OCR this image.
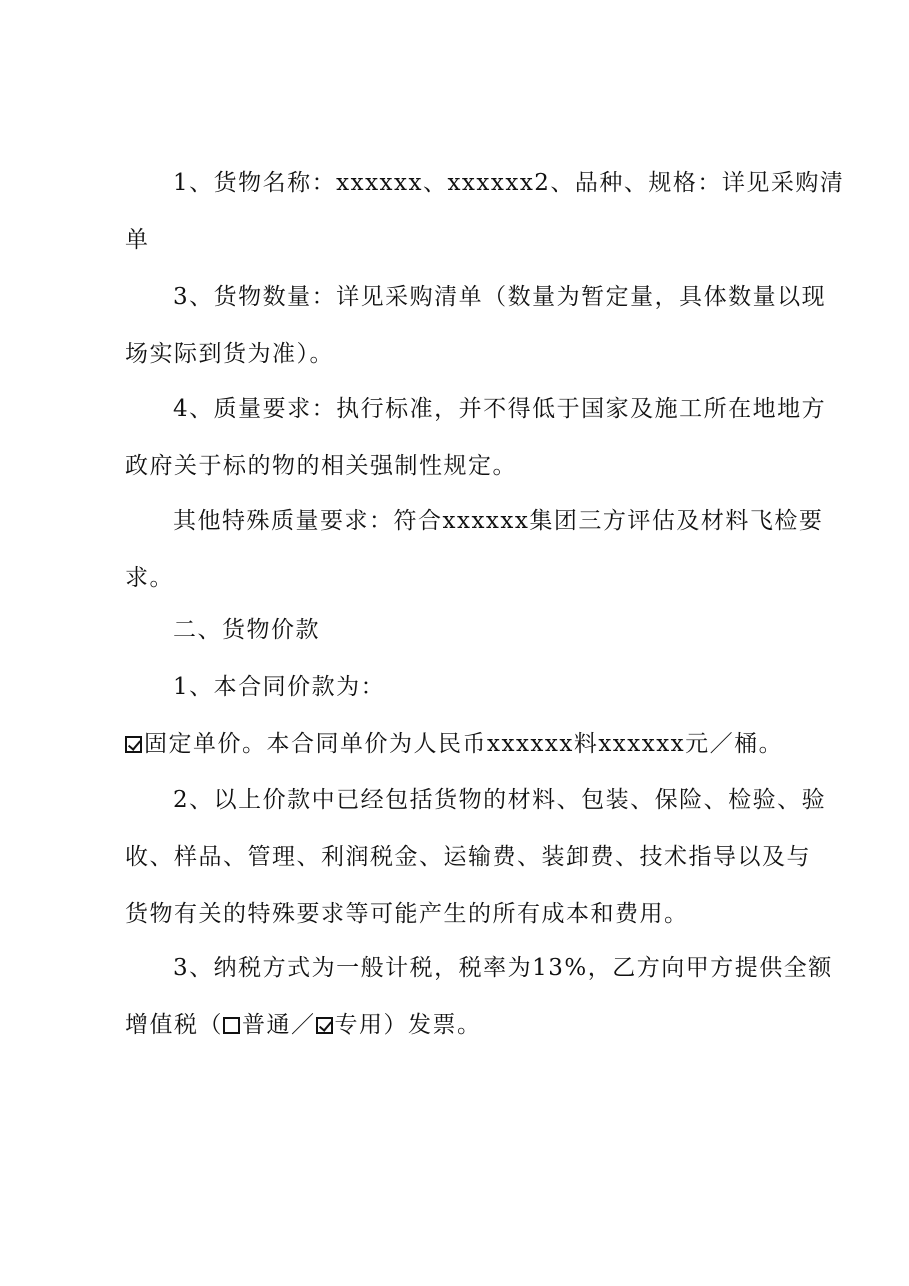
1、货物名称：xxxxxx、xxxxxx2、品种、规格：详见采购清
单
3、货物数量：详见采购清单（数量为暂定量，具体数量以现
场实际到货为准）。
4、质量要求：执行标准，并不得低于国家及施工所在地地方
政府关于标的物的相关强制性规定。
其他特殊质量要求：符合xxxxxx集团三方评估及材料飞检要
求。
二、货物价款
1、本合同价款为：
固定单价。本合同单价为人民币xxxxxx料xxxxxx元／桶。
2、以上价款中已经包括货物的材料、包装、保险、检验、验
收、样品、管理、利润税金、运输费、装卸费、技术指导以及与
货物有关的特殊要求等可能产生的所有成本和费用。
3、纳税方式为一般计税，税率为13%，乙方向甲方提供全额
增值税（ 普通／ 专用）发票。
